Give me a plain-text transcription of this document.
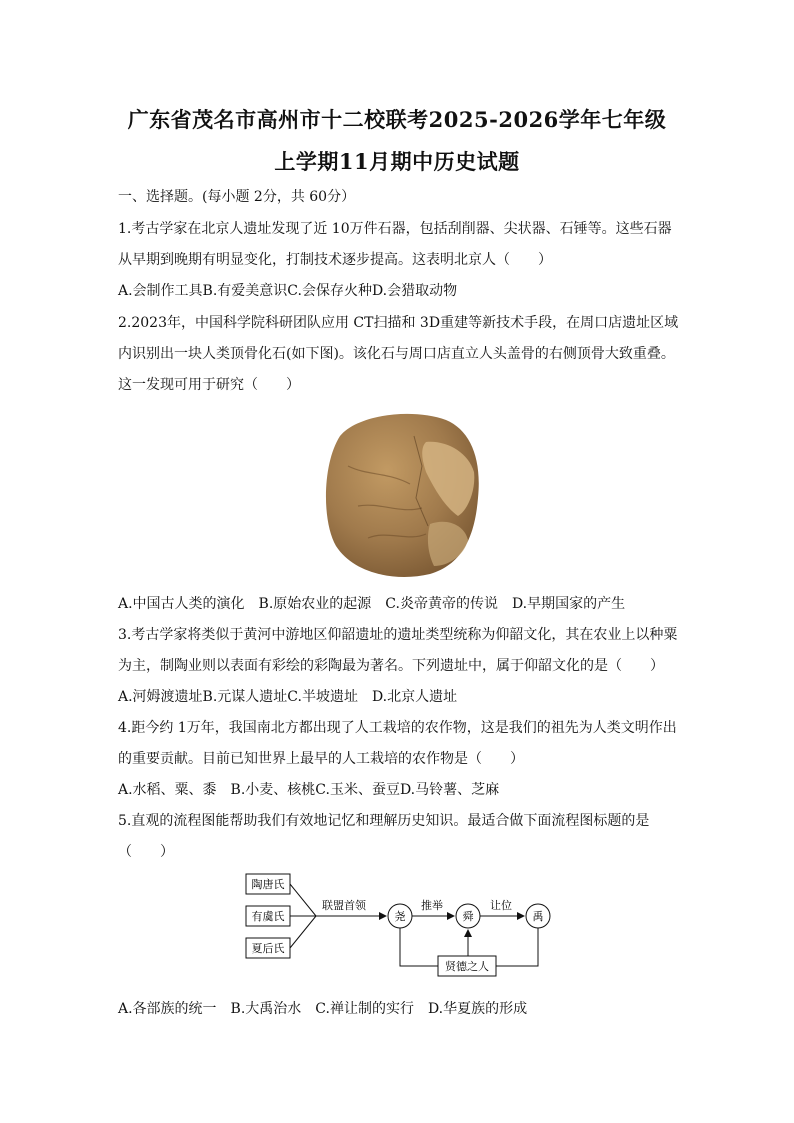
广东省茂名市高州市十二校联考2025-2026学年七年级
上学期11月期中历史试题
一、选择题。(每小题 2分，共 60分）
1.考古学家在北京人遗址发现了近 10万件石器，包括刮削器、尖状器、石锤等。这些石器
从早期到晚期有明显变化，打制技术逐步提高。这表明北京人（　　）
A.会制作工具B.有爱美意识C.会保存火种D.会猎取动物
2.2023年，中国科学院科研团队应用 CT扫描和 3D重建等新技术手段，在周口店遗址区域
内识别出一块人类顶骨化石(如下图)。该化石与周口店直立人头盖骨的右侧顶骨大致重叠。
这一发现可用于研究（　　）
A.中国古人类的演化　B.原始农业的起源　C.炎帝黄帝的传说　D.早期国家的产生
3.考古学家将类似于黄河中游地区仰韶遗址的遗址类型统称为仰韶文化，其在农业上以种粟
为主，制陶业则以表面有彩绘的彩陶最为著名。下列遗址中，属于仰韶文化的是（　　）
A.河姆渡遗址B.元谋人遗址C.半坡遗址　D.北京人遗址
4.距今约 1万年，我国南北方都出现了人工栽培的农作物，这是我们的祖先为人类文明作出
的重要贡献。目前已知世界上最早的人工栽培的农作物是（　　）
A.水稻、粟、黍　B.小麦、核桃C.玉米、蚕豆D.马铃薯、芝麻
5.直观的流程图能帮助我们有效地记忆和理解历史知识。最适合做下面流程图标题的是
（　　）
陶唐氏
有虞氏
夏后氏
联盟首领
尧
推举
舜
让位
禹
贤德之人
A.各部族的统一　B.大禹治水　C.禅让制的实行　D.华夏族的形成
